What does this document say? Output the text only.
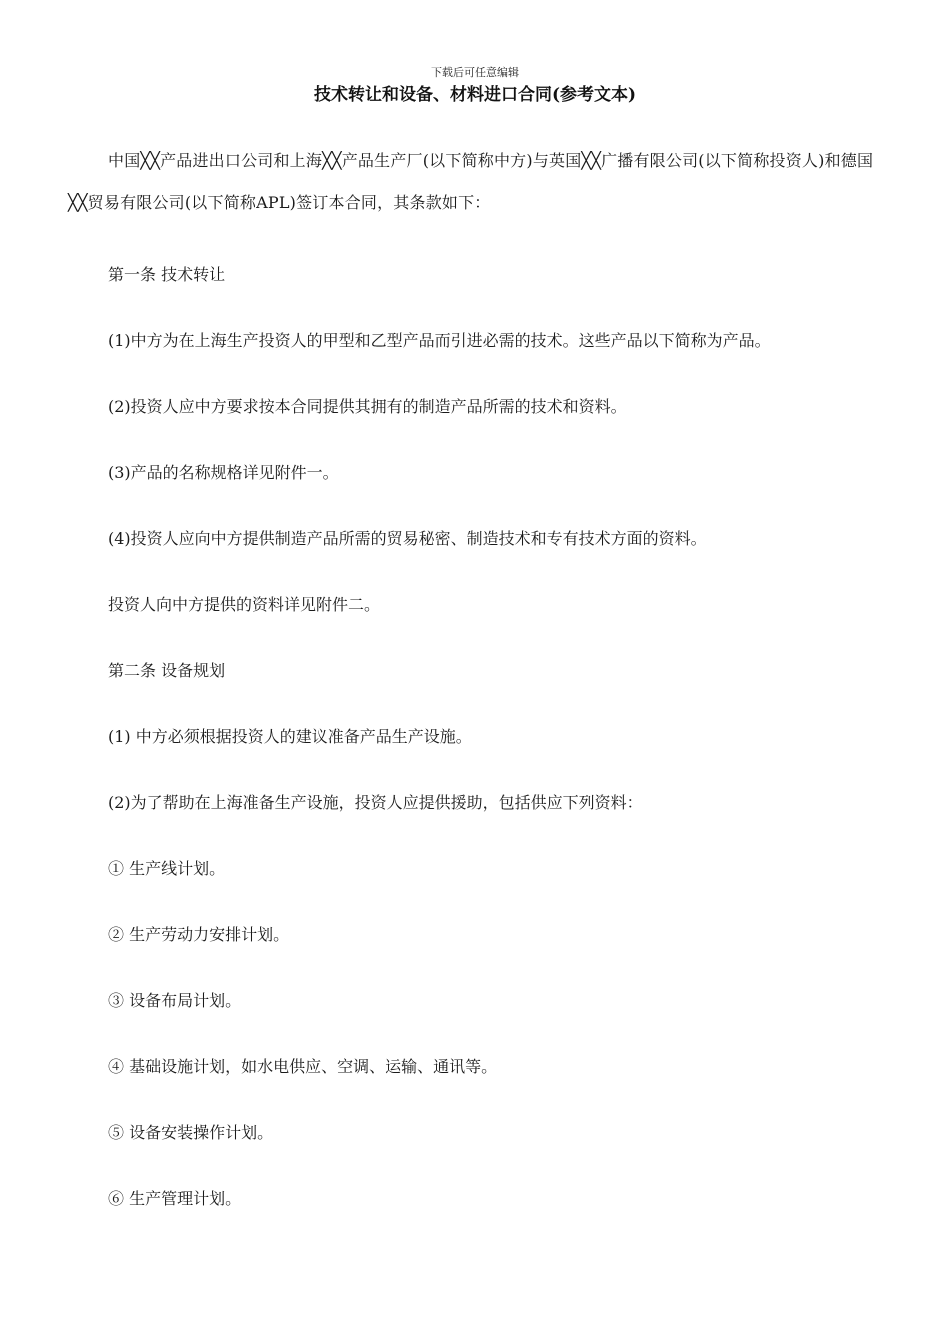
下载后可任意编辑
技术转让和设备、材料进口合同(参考文本)

中国╳╳产品进出口公司和上海╳╳产品生产厂(以下简称中方)与英国╳╳广播有限公司(以下简称投资人)和德国╳╳贸易有限公司(以下简称APL)签订本合同，其条款如下：

第一条 技术转让

(1)中方为在上海生产投资人的甲型和乙型产品而引进必需的技术。这些产品以下简称为产品。

(2)投资人应中方要求按本合同提供其拥有的制造产品所需的技术和资料。

(3)产品的名称规格详见附件一。

(4)投资人应向中方提供制造产品所需的贸易秘密、制造技术和专有技术方面的资料。

投资人向中方提供的资料详见附件二。

第二条 设备规划

(1) 中方必须根据投资人的建议准备产品生产设施。

(2)为了帮助在上海准备生产设施，投资人应提供援助，包括供应下列资料：

① 生产线计划。

② 生产劳动力安排计划。

③ 设备布局计划。

④ 基础设施计划，如水电供应、空调、运输、通讯等。

⑤ 设备安装操作计划。

⑥ 生产管理计划。
